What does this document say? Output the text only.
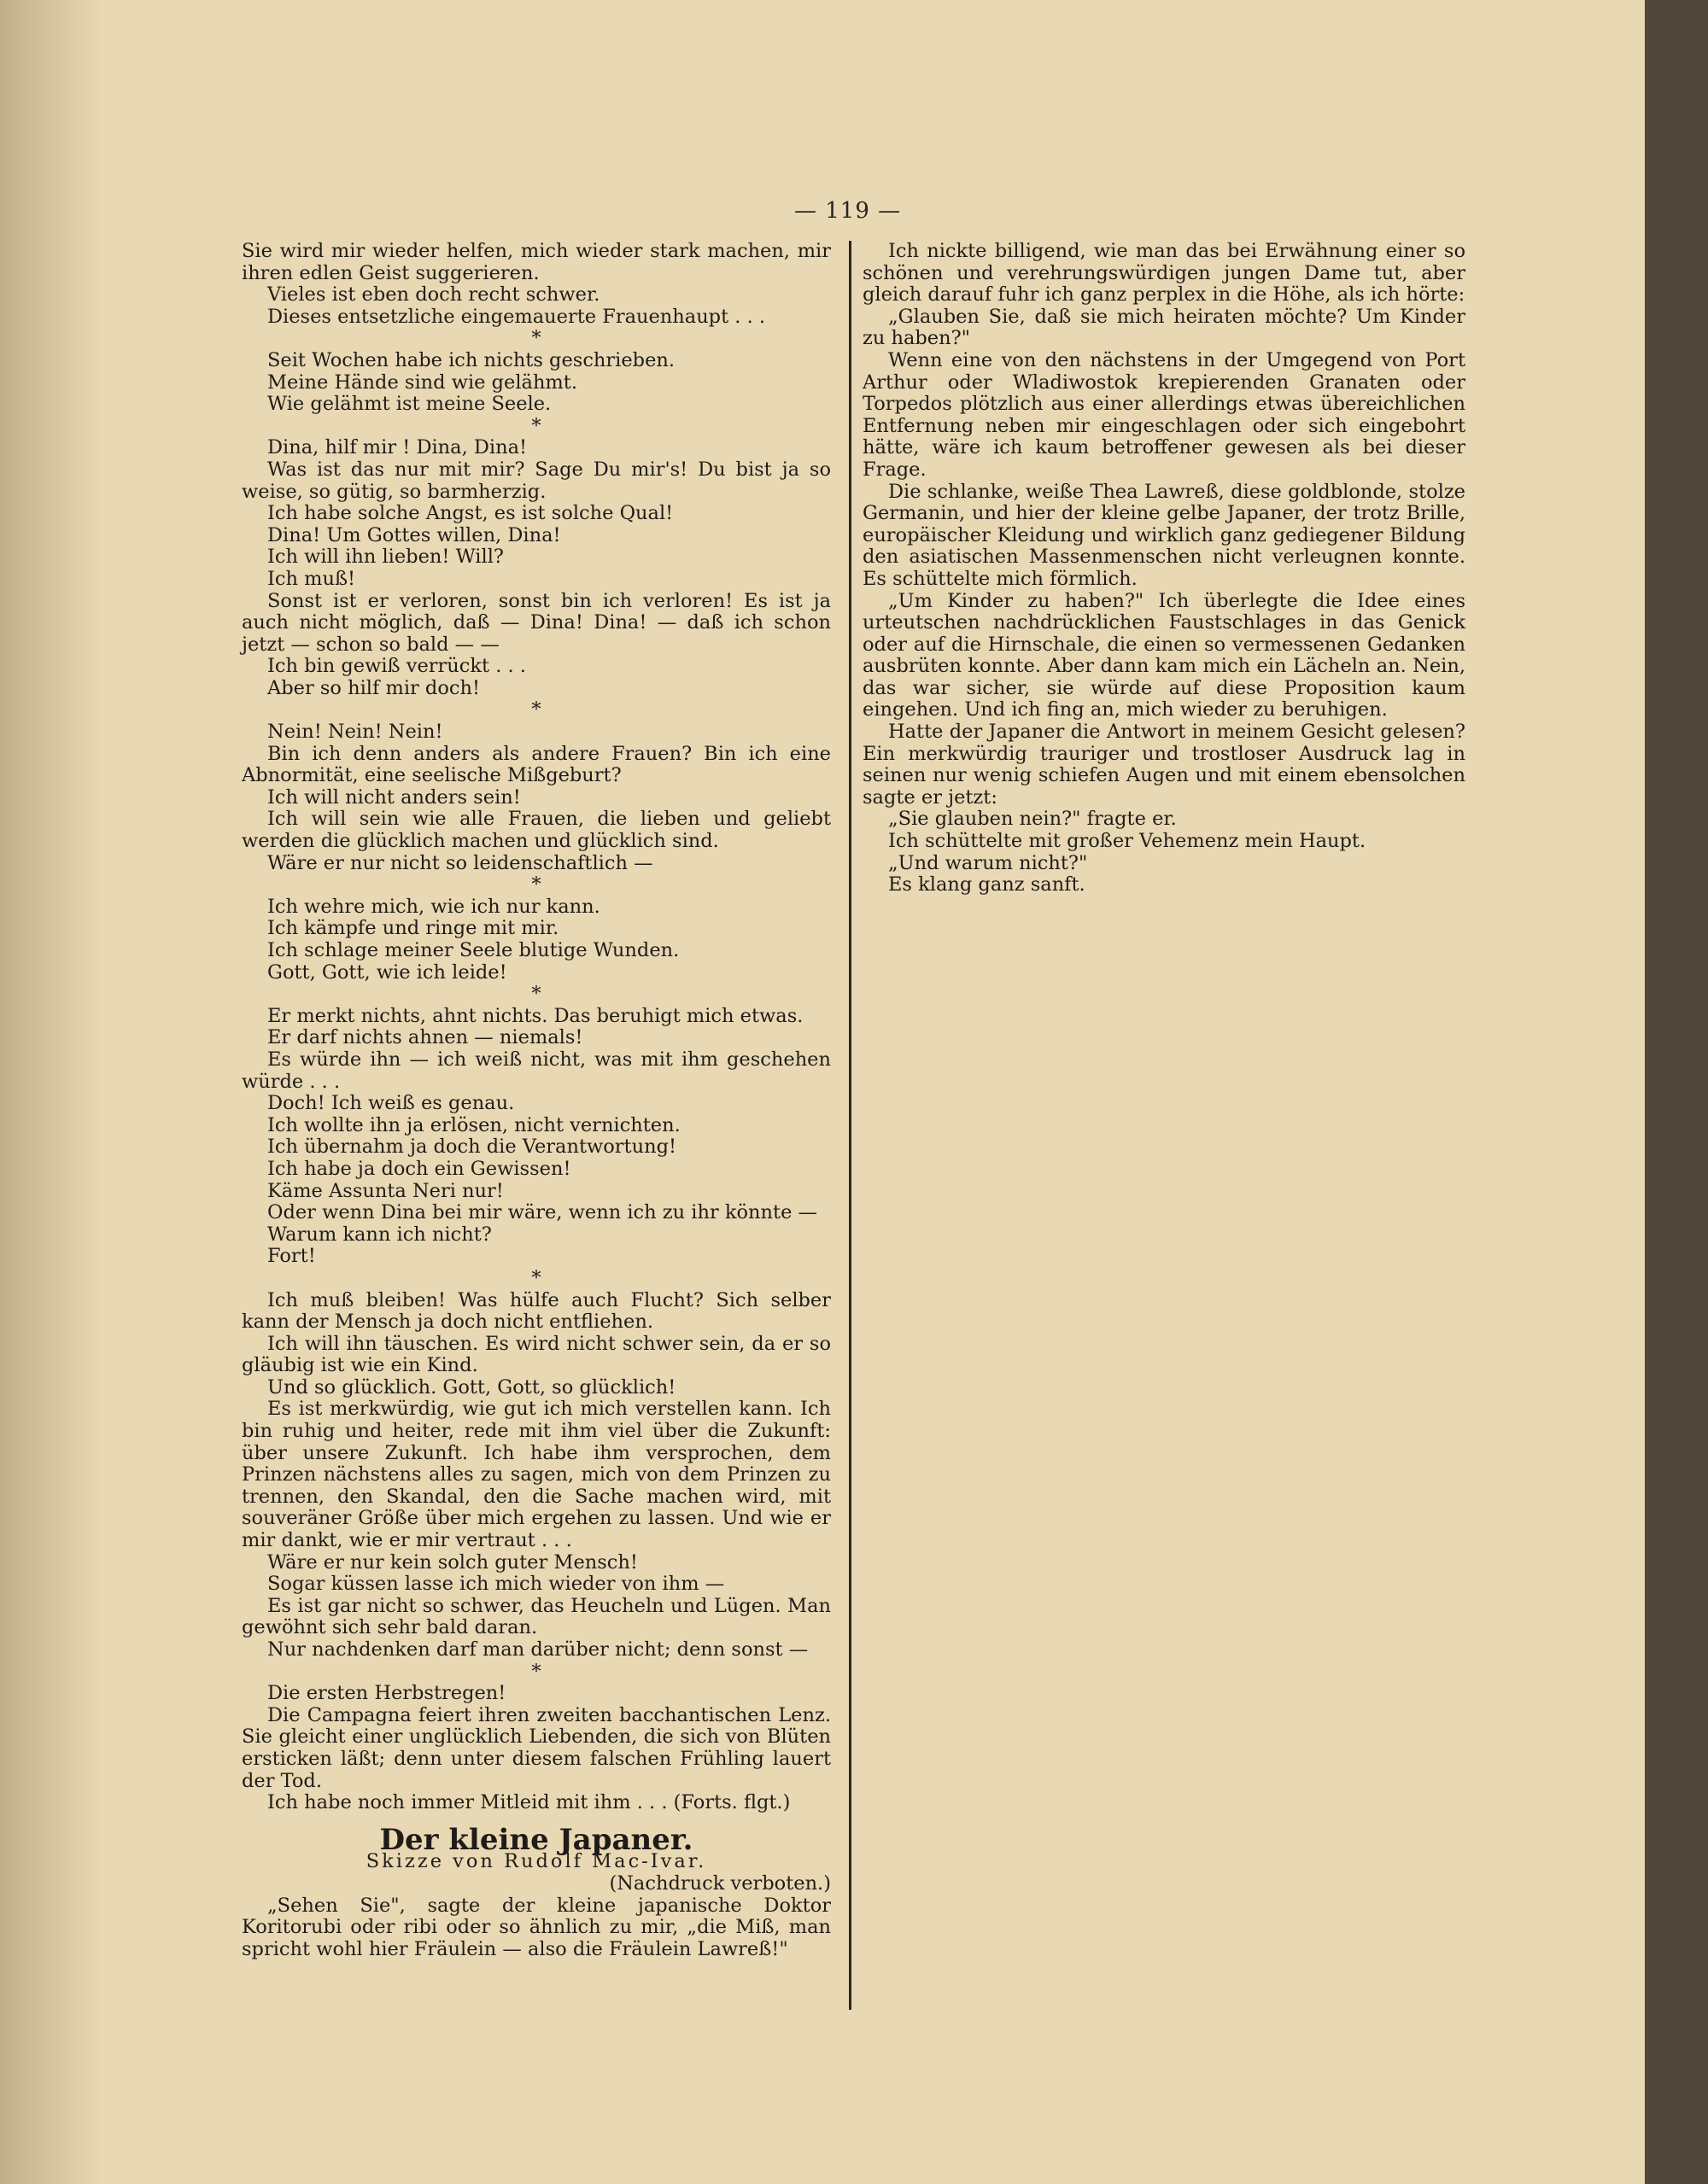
— 119 —

Sie wird mir wieder helfen, mich wieder stark machen, mir ihren edlen Geist suggerieren.

Vieles ist eben doch recht schwer.

Dieses entsetzliche eingemauerte Frauenhaupt . . .

*

Seit Wochen habe ich nichts geschrieben.

Meine Hände sind wie gelähmt.

Wie gelähmt ist meine Seele.

*

Dina, hilf mir ! Dina, Dina!

Was ist das nur mit mir? Sage Du mir's! Du bist ja so weise, so gütig, so barmherzig.

Ich habe solche Angst, es ist solche Qual!

Dina! Um Gottes willen, Dina!

Ich will ihn lieben! Will?

Ich muß!

Sonst ist er verloren, sonst bin ich verloren! Es ist ja auch nicht möglich, daß — Dina! Dina! — daß ich schon jetzt — schon so bald — —

Ich bin gewiß verrückt . . .

Aber so hilf mir doch!

*

Nein! Nein! Nein!

Bin ich denn anders als andere Frauen? Bin ich eine Abnormität, eine seelische Mißgeburt?

Ich will nicht anders sein!

Ich will sein wie alle Frauen, die lieben und geliebt werden die glücklich machen und glücklich sind.

Wäre er nur nicht so leidenschaftlich —

*

Ich wehre mich, wie ich nur kann.

Ich kämpfe und ringe mit mir.

Ich schlage meiner Seele blutige Wunden.

Gott, Gott, wie ich leide!

*

Er merkt nichts, ahnt nichts. Das beruhigt mich etwas.

Er darf nichts ahnen — niemals!

Es würde ihn — ich weiß nicht, was mit ihm geschehen würde . . .

Doch! Ich weiß es genau.

Ich wollte ihn ja erlösen, nicht vernichten.

Ich übernahm ja doch die Verantwortung!

Ich habe ja doch ein Gewissen!

Käme Assunta Neri nur!

Oder wenn Dina bei mir wäre, wenn ich zu ihr könnte —

Warum kann ich nicht?

Fort!

*

Ich muß bleiben! Was hülfe auch Flucht? Sich selber kann der Mensch ja doch nicht entfliehen.

Ich will ihn täuschen. Es wird nicht schwer sein, da er so gläubig ist wie ein Kind.

Und so glücklich. Gott, Gott, so glücklich!

Es ist merkwürdig, wie gut ich mich verstellen kann. Ich bin ruhig und heiter, rede mit ihm viel über die Zukunft: über unsere Zukunft. Ich habe ihm versprochen, dem Prinzen nächstens alles zu sagen, mich von dem Prinzen zu trennen, den Skandal, den die Sache machen wird, mit souveräner Größe über mich ergehen zu lassen. Und wie er mir dankt, wie er mir vertraut . . .

Wäre er nur kein solch guter Mensch!

Sogar küssen lasse ich mich wieder von ihm —

Es ist gar nicht so schwer, das Heucheln und Lügen. Man gewöhnt sich sehr bald daran.

Nur nachdenken darf man darüber nicht; denn sonst —

*

Die ersten Herbstregen!

Die Campagna feiert ihren zweiten bacchantischen Lenz. Sie gleicht einer unglücklich Liebenden, die sich von Blüten ersticken läßt; denn unter diesem falschen Frühling lauert der Tod.

Ich habe noch immer Mitleid mit ihm . . . (Forts. flgt.)

Der kleine Japaner.
Skizze von Rudolf Mac-Ivar.
(Nachdruck verboten.)

„Sehen Sie", sagte der kleine japanische Doktor Koritorubi oder ribi oder so ähnlich zu mir, „die Miß, man spricht wohl hier Fräulein — also die Fräulein Lawreß!"

Ich nickte billigend, wie man das bei Erwähnung einer so schönen und verehrungswürdigen jungen Dame tut, aber gleich darauf fuhr ich ganz perplex in die Höhe, als ich hörte:

„Glauben Sie, daß sie mich heiraten möchte? Um Kinder zu haben?"

Wenn eine von den nächstens in der Umgegend von Port Arthur oder Wladiwostok krepierenden Granaten oder Torpedos plötzlich aus einer allerdings etwas übereichlichen Entfernung neben mir eingeschlagen oder sich eingebohrt hätte, wäre ich kaum betroffener gewesen als bei dieser Frage.

Die schlanke, weiße Thea Lawreß, diese goldblonde, stolze Germanin, und hier der kleine gelbe Japaner, der trotz Brille, europäischer Kleidung und wirklich ganz gediegener Bildung den asiatischen Massenmenschen nicht verleugnen konnte. Es schüttelte mich förmlich.

„Um Kinder zu haben?" Ich überlegte die Idee eines urteutschen nachdrücklichen Faustschlages in das Genick oder auf die Hirnschale, die einen so vermessenen Gedanken ausbrüten konnte. Aber dann kam mich ein Lächeln an. Nein, das war sicher, sie würde auf diese Proposition kaum eingehen. Und ich fing an, mich wieder zu beruhigen.

Hatte der Japaner die Antwort in meinem Gesicht gelesen? Ein merkwürdig trauriger und trostloser Ausdruck lag in seinen nur wenig schiefen Augen und mit einem ebensolchen sagte er jetzt:

„Sie glauben nein?" fragte er.

Ich schüttelte mit großer Vehemenz mein Haupt.

„Und warum nicht?"

Es klang ganz sanft.
